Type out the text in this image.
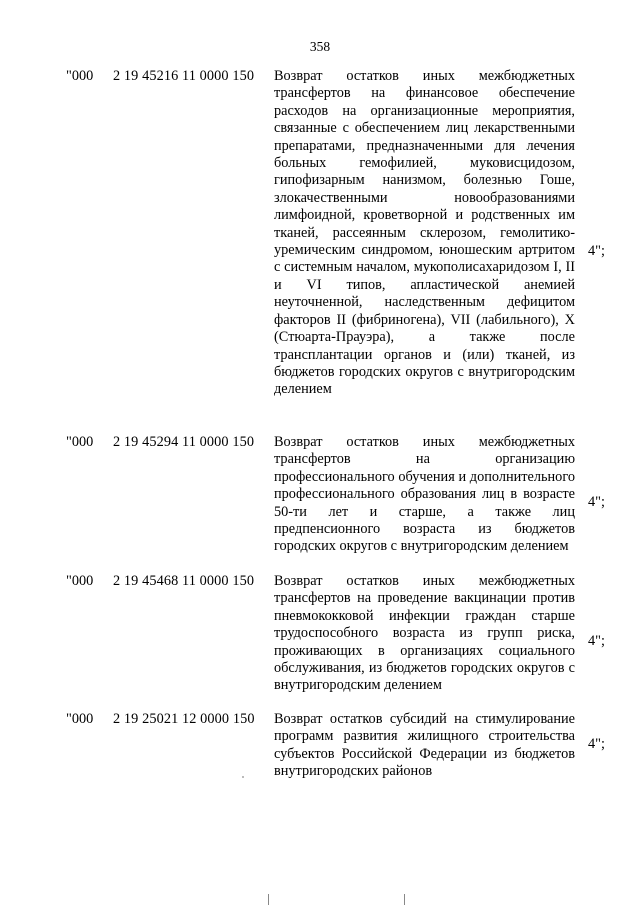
358
"000 2 19 45216 11 0000 150 Возврат остатков иных межбюджетных трансфертов на финансовое обеспечение расходов на организационные мероприятия, связанные с обеспечением лиц лекарственными препаратами, предназначенными для лечения больных гемофилией, муковисцидозом, гипофизарным нанизмом, болезнью Гоше, злокачественными новообразованиями лимфоидной, кроветворной и родственных им тканей, рассеянным склерозом, гемолитико-уремическим синдромом, юношеским артритом с системным началом, мукополисахаридозом I, II и VI типов, апластической анемией неуточненной, наследственным дефицитом факторов II (фибриногена), VII (лабильного), X (Стюарта-Прауэра), а также после трансплантации органов и (или) тканей, из бюджетов городских округов с внутригородским делением
4";
"000 2 19 45294 11 0000 150 Возврат остатков иных межбюджетных трансфертов на организацию профессионального обучения и дополнительного профессионального образования лиц в возрасте 50-ти лет и старше, а также лиц предпенсионного возраста из бюджетов городских округов с внутригородским делением
4";
"000 2 19 45468 11 0000 150 Возврат остатков иных межбюджетных трансфертов на проведение вакцинации против пневмококковой инфекции граждан старше трудоспособного возраста из групп риска, проживающих в организациях социального обслуживания, из бюджетов городских округов с внутригородским делением
4";
"000 2 19 25021 12 0000 150 Возврат остатков субсидий на стимулирование программ развития жилищного строительства субъектов Российской Федерации из бюджетов внутригородских районов
4";
